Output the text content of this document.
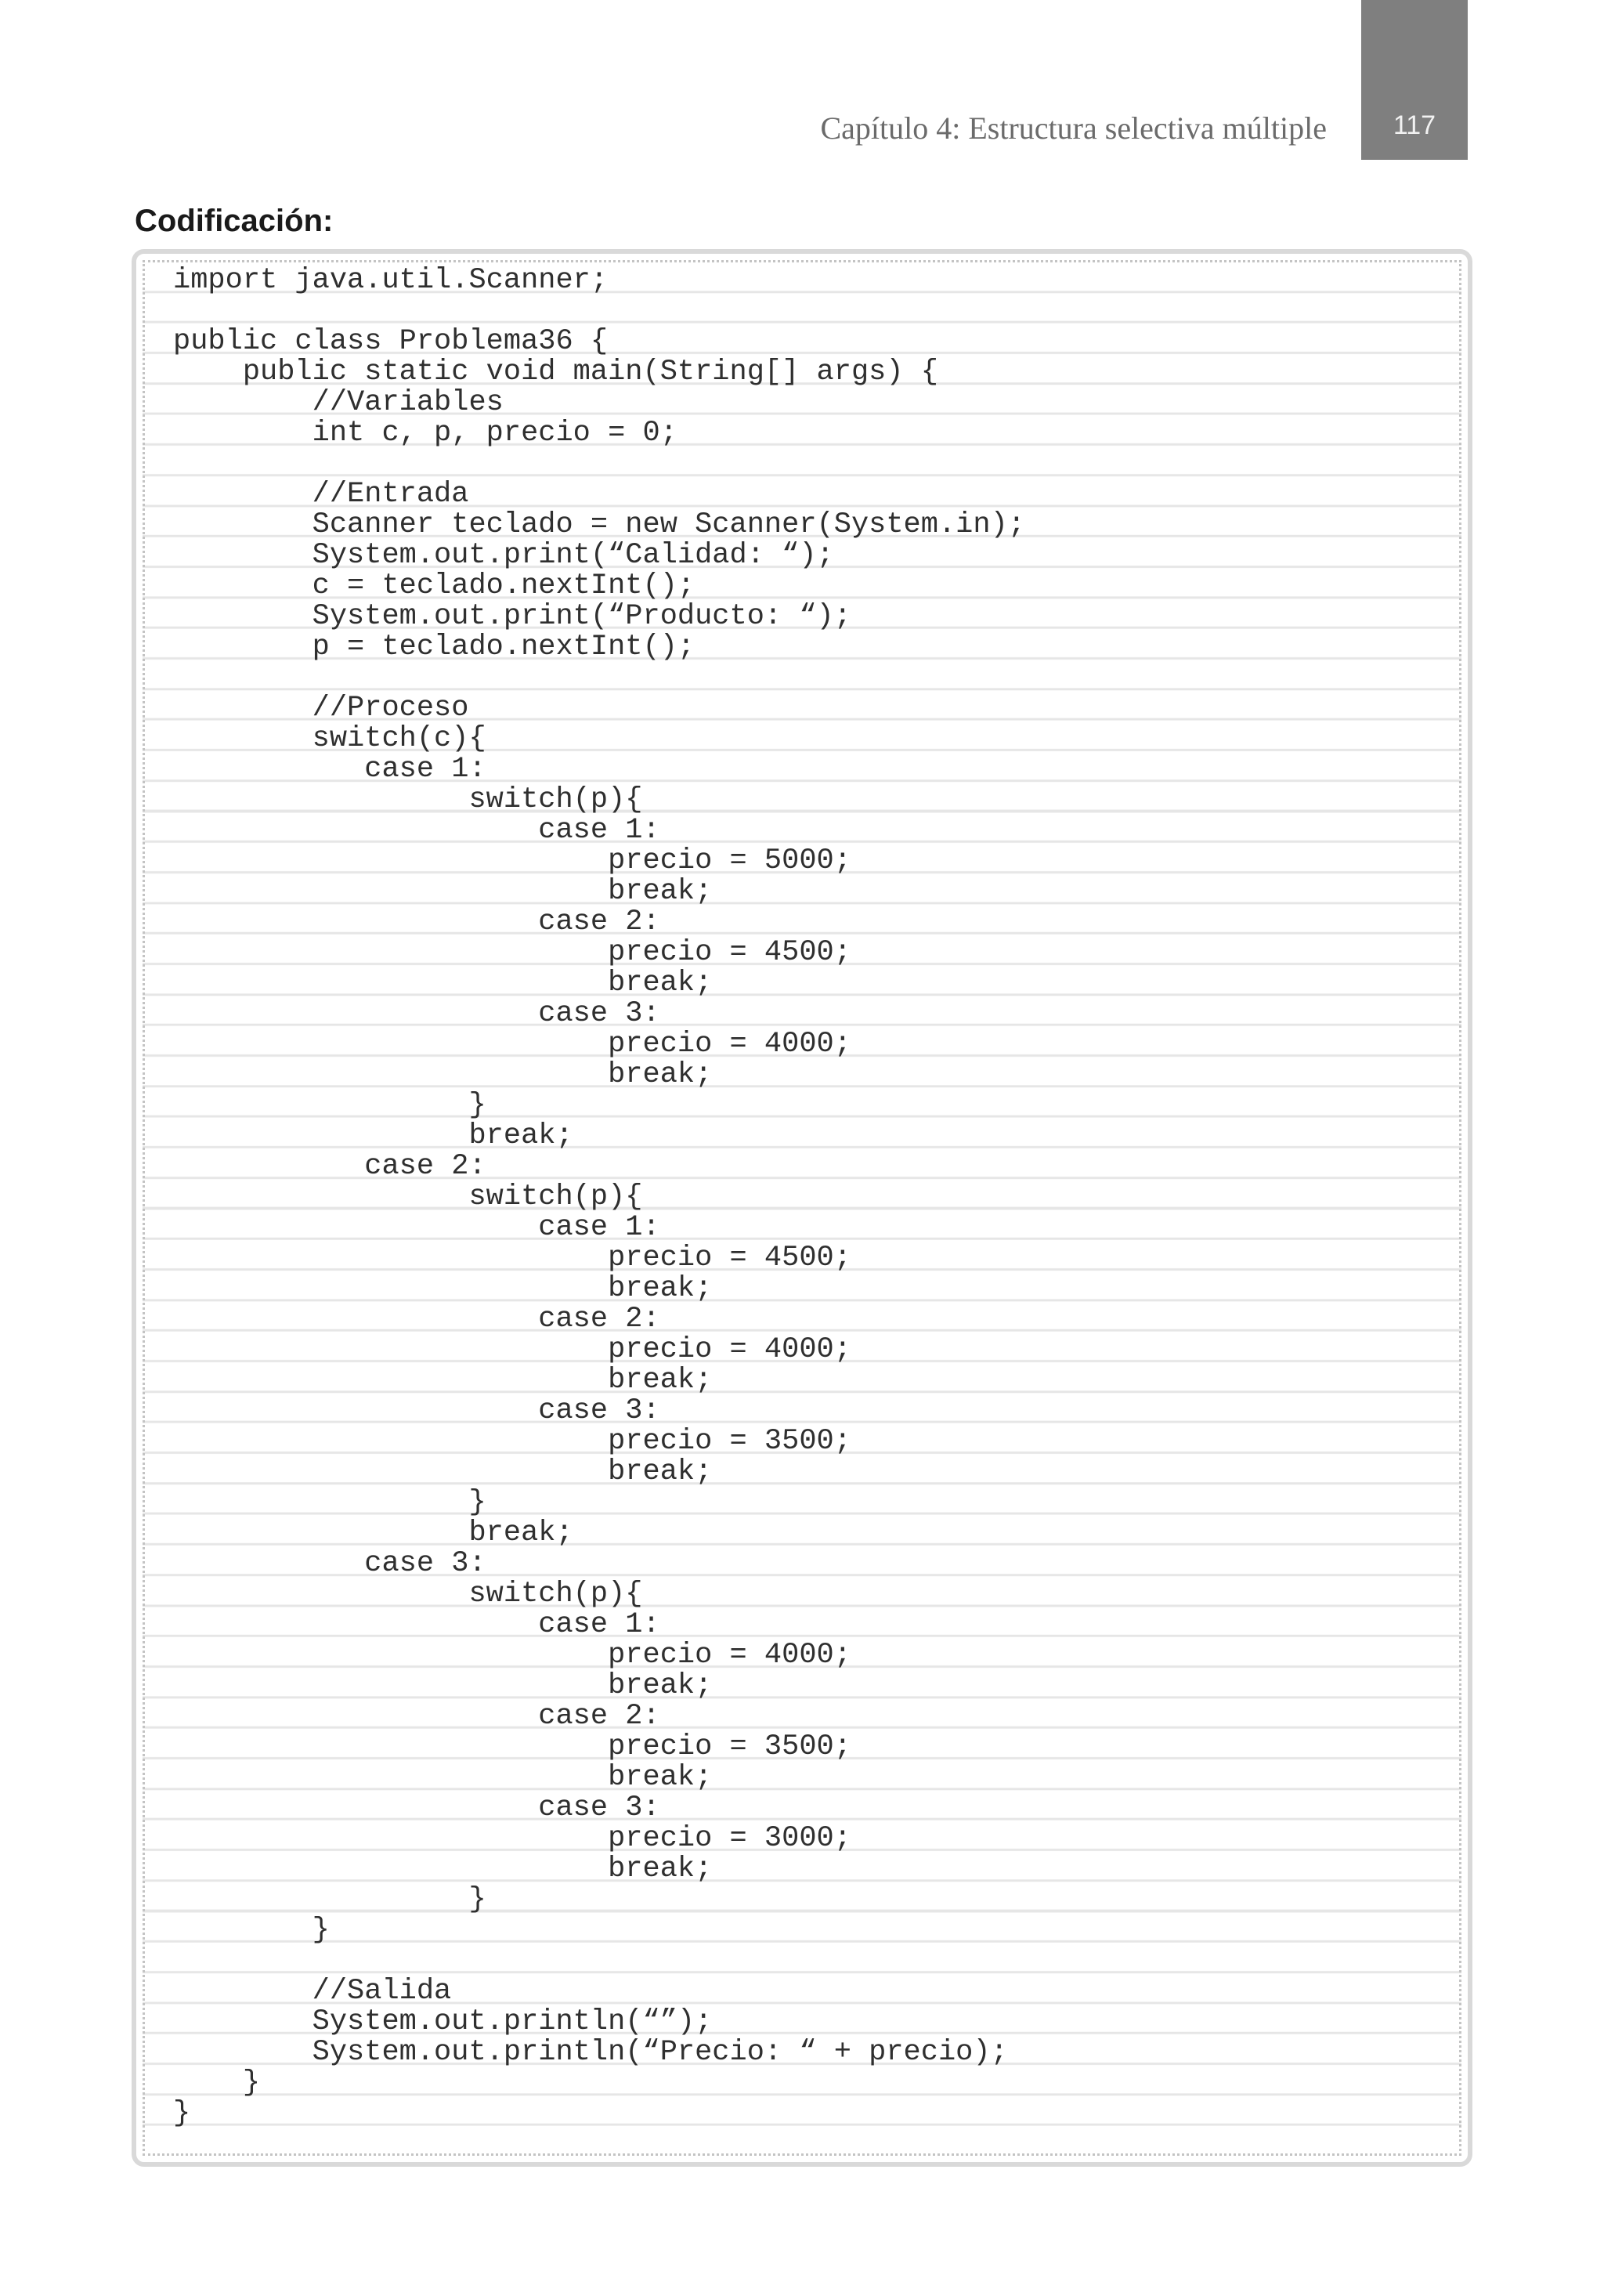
117
Capítulo 4: Estructura selectiva múltiple
Codificación:
import java.util.Scanner;
public class Problema36 {
public static void main(String[] args) {
//Variables
int c, p, precio = 0;
//Entrada
Scanner teclado = new Scanner(System.in);
System.out.print(“Calidad: “);
c = teclado.nextInt();
System.out.print(“Producto: “);
p = teclado.nextInt();
//Proceso
switch(c){
case 1:
switch(p){
case 1:
precio = 5000;
break;
case 2:
precio = 4500;
break;
case 3:
precio = 4000;
break;
}
break;
case 2:
switch(p){
case 1:
precio = 4500;
break;
case 2:
precio = 4000;
break;
case 3:
precio = 3500;
break;
}
break;
case 3:
switch(p){
case 1:
precio = 4000;
break;
case 2:
precio = 3500;
break;
case 3:
precio = 3000;
break;
}
}
//Salida
System.out.println(“”);
System.out.println(“Precio: “ + precio);
}
}
